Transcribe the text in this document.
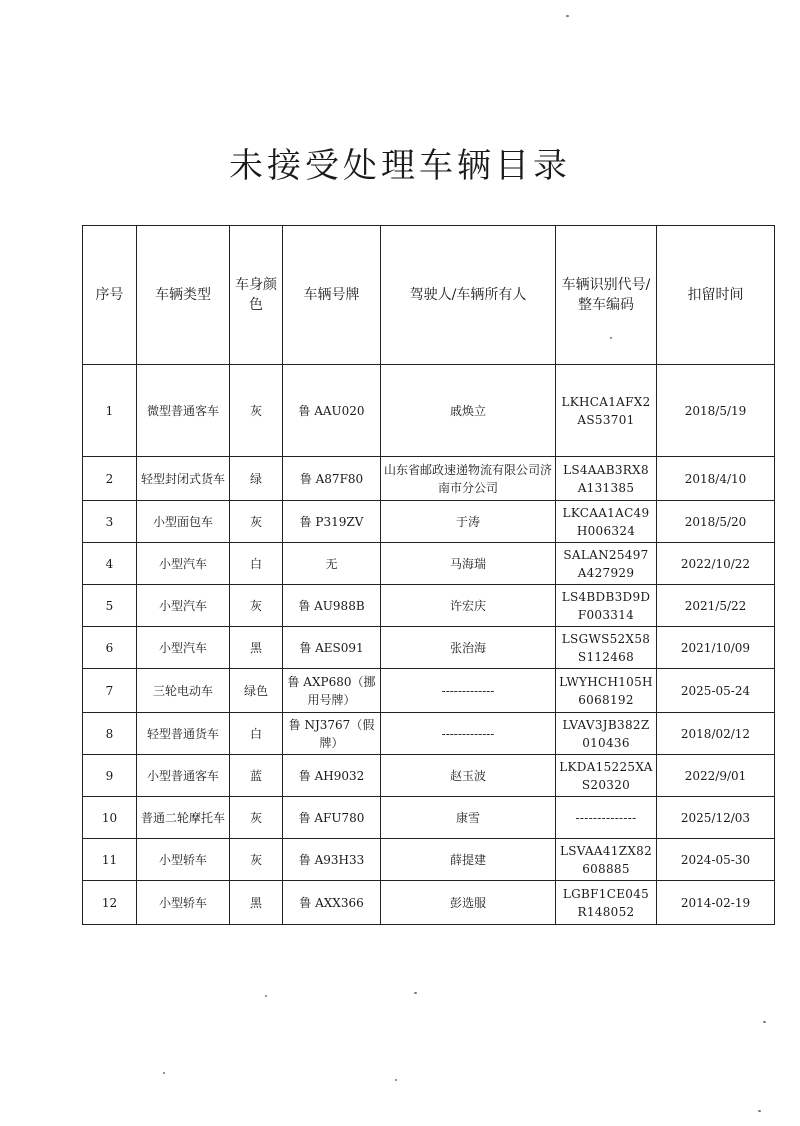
未接受处理车辆目录
序号	车辆类型	车身颜色	车辆号牌	驾驶人/车辆所有人	车辆识别代号/整车编码	扣留时间
1	微型普通客车	灰	鲁 AAU020	戚焕立	LKHCA1AFX2AS53701	2018/5/19
2	轻型封闭式货车	绿	鲁 A87F80	山东省邮政速递物流有限公司济南市分公司	LS4AAB3RX8A131385	2018/4/10
3	小型面包车	灰	鲁 P319ZV	于涛	LKCAA1AC49H006324	2018/5/20
4	小型汽车	白	无	马海瑞	SALAN25497A427929	2022/10/22
5	小型汽车	灰	鲁 AU988B	许宏庆	LS4BDB3D9DF003314	2021/5/22
6	小型汽车	黑	鲁 AES091	张治海	LSGWS52X58S112468	2021/10/09
7	三轮电动车	绿色	鲁 AXP680（挪用号牌）	-------------	LWYHCH105H6068192	2025-05-24
8	轻型普通货车	白	鲁 NJ3767（假牌）	-------------	LVAV3JB382Z010436	2018/02/12
9	小型普通客车	蓝	鲁 AH9032	赵玉波	LKDA15225XAS20320	2022/9/01
10	普通二轮摩托车	灰	鲁 AFU780	康雪	--------------	2025/12/03
11	小型轿车	灰	鲁 A93H33	薛提建	LSVAA41ZX82608885	2024-05-30
12	小型轿车	黑	鲁 AXX366	彭选服	LGBF1CE045R148052	2014-02-19
